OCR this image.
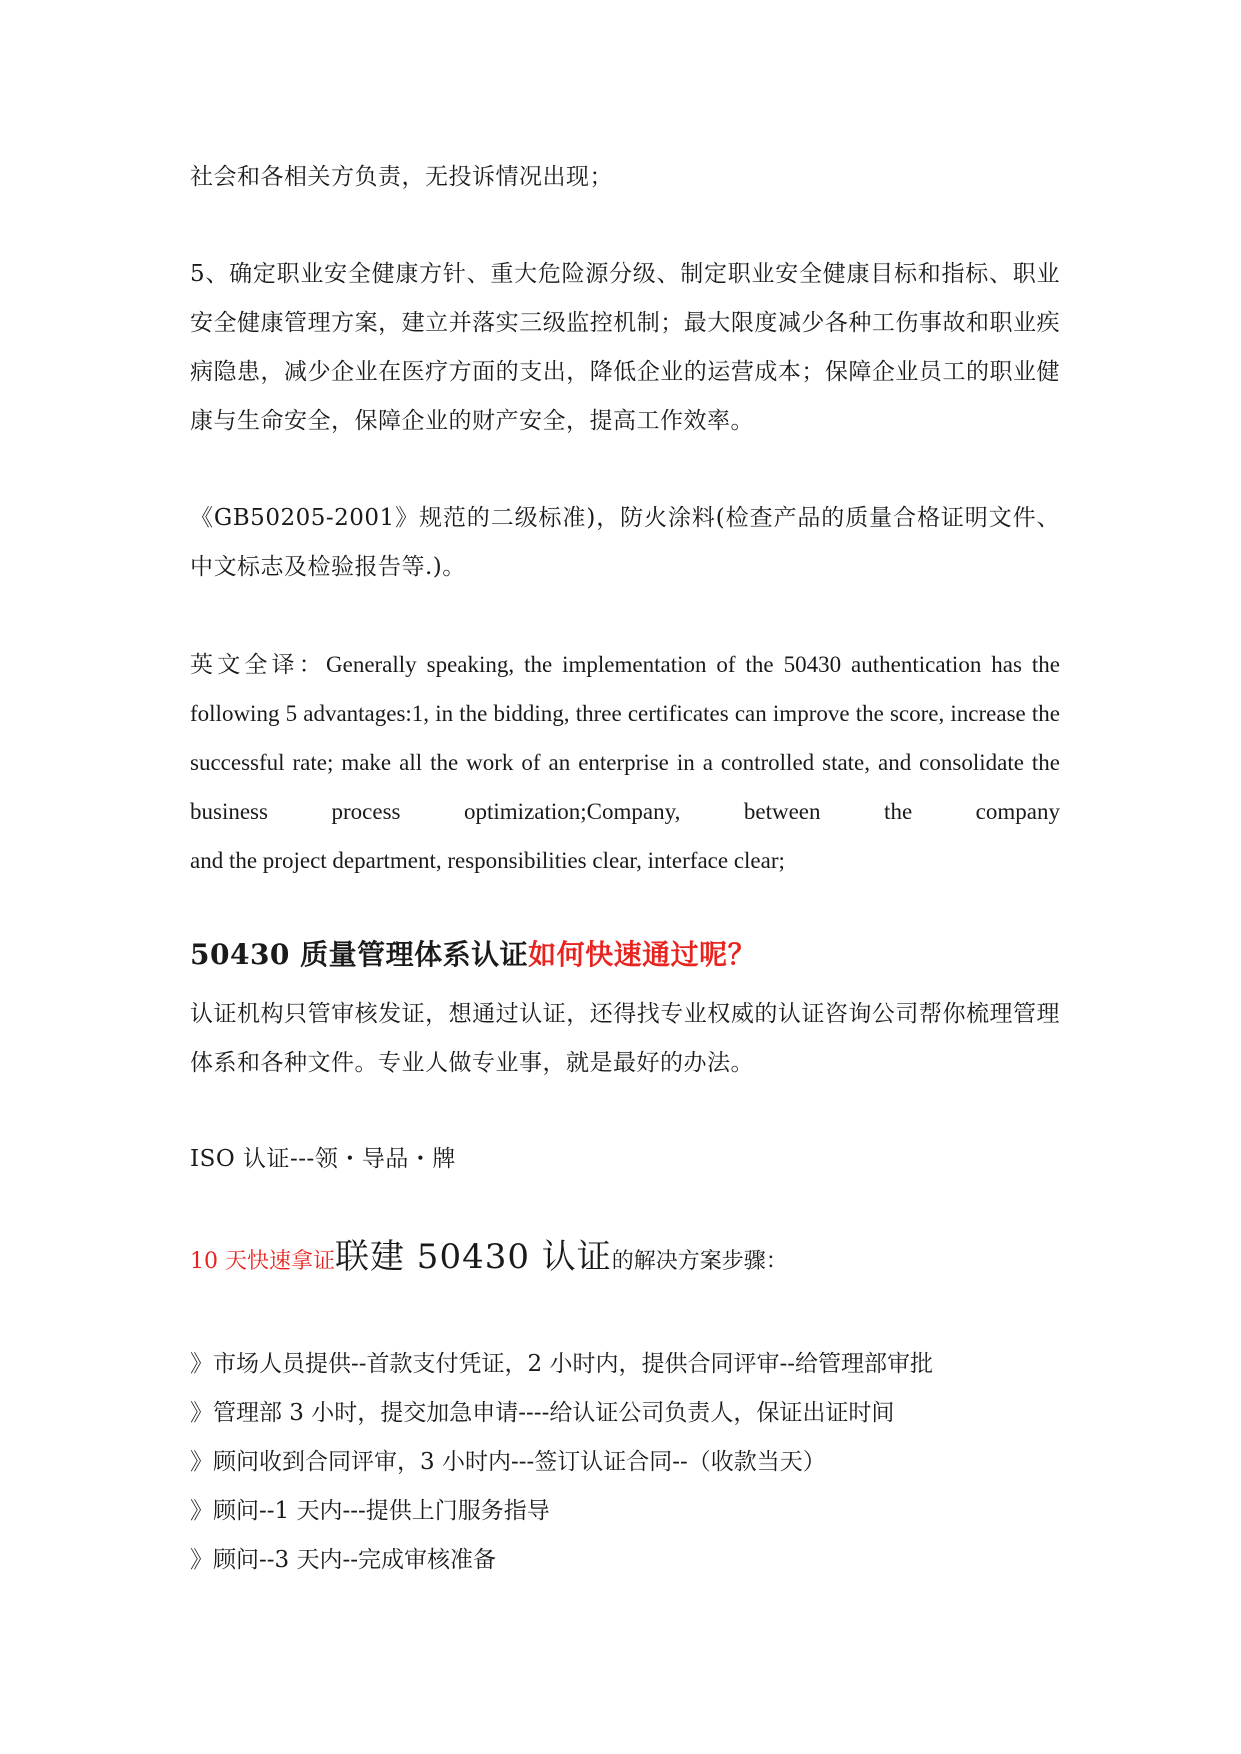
社会和各相关方负责，无投诉情况出现；
5、确定职业安全健康方针、重大危险源分级、制定职业安全健康目标和指标、职业安全健康管理方案，建立并落实三级监控机制；最大限度减少各种工伤事故和职业疾病隐患，减少企业在医疗方面的支出，降低企业的运营成本；保障企业员工的职业健康与生命安全，保障企业的财产安全，提高工作效率。
《GB50205-2001》规范的二级标准)，防火涂料(检查产品的质量合格证明文件、中文标志及检验报告等.)。
英文全译：Generally speaking, the implementation of the 50430 authentication has the following 5 advantages:1, in the bidding, three certificates can improve the score, increase the successful rate; make all the work of an enterprise in a controlled state, and consolidate the business process optimization;Company, between the company
and the project department, responsibilities clear, interface clear;
50430 质量管理体系认证如何快速通过呢？
认证机构只管审核发证，想通过认证，还得找专业权威的认证咨询公司帮你梳理管理体系和各种文件。专业人做专业事，就是最好的办法。
ISO 认证---领・导品・牌
10 天快速拿证联建 50430 认证的解决方案步骤：
》市场人员提供--首款支付凭证，2 小时内，提供合同评审--给管理部审批
》管理部 3 小时，提交加急申请----给认证公司负责人，保证出证时间
》顾问收到合同评审，3 小时内---签订认证合同--（收款当天）
》顾问--1 天内---提供上门服务指导
》顾问--3 天内--完成审核准备
